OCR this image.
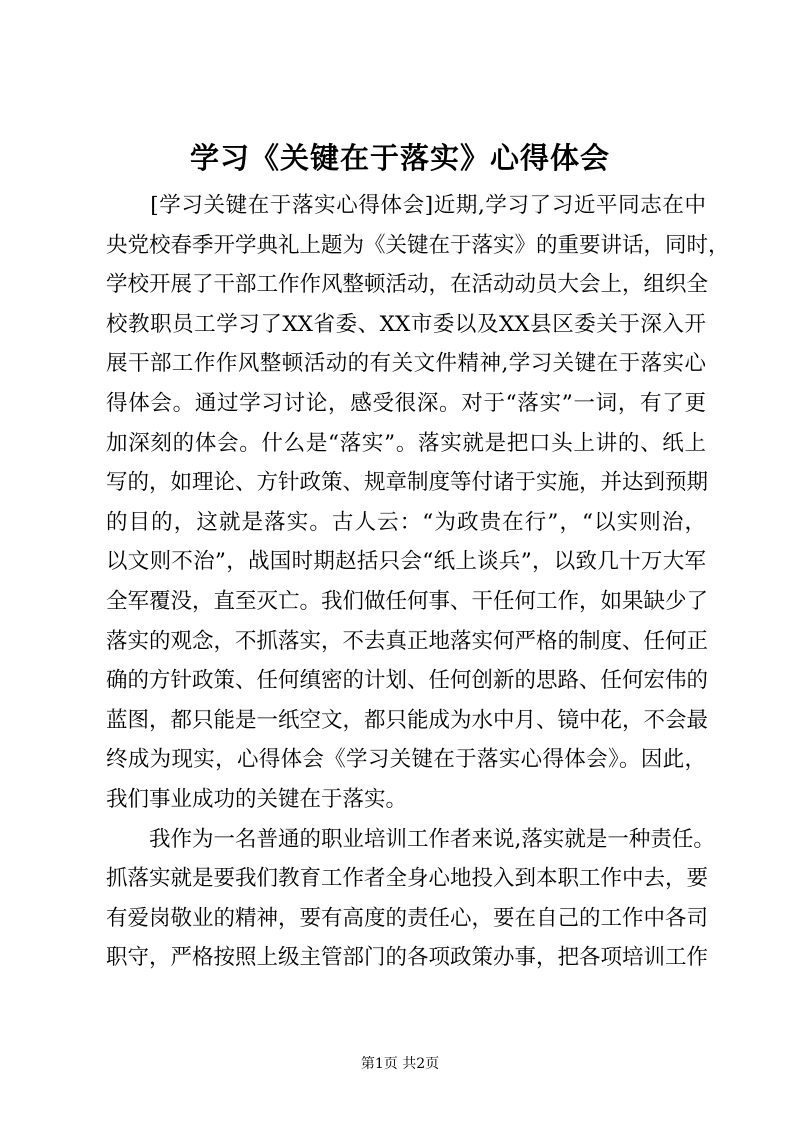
学习《关键在于落实》心得体会
　　[学习关键在于落实心得体会]近期,学习了习近平同志在中
央党校春季开学典礼上题为《关键在于落实》的重要讲话，同时，
学校开展了干部工作作风整顿活动，在活动动员大会上，组织全
校教职员工学习了XX省委、XX市委以及XX县区委关于深入开
展干部工作作风整顿活动的有关文件精神,学习关键在于落实心
得体会。通过学习讨论，感受很深。对于“落实”一词，有了更
加深刻的体会。什么是“落实”。落实就是把口头上讲的、纸上
写的，如理论、方针政策、规章制度等付诸于实施，并达到预期
的目的，这就是落实。古人云：“为政贵在行”，“以实则治，
以文则不治”，战国时期赵括只会“纸上谈兵”，以致几十万大军
全军覆没，直至灭亡。我们做任何事、干任何工作，如果缺少了
落实的观念，不抓落实，不去真正地落实何严格的制度、任何正
确的方针政策、任何缜密的计划、任何创新的思路、任何宏伟的
蓝图，都只能是一纸空文，都只能成为水中月、镜中花，不会最
终成为现实，心得体会《学习关键在于落实心得体会》。因此，
我们事业成功的关键在于落实。
　　我作为一名普通的职业培训工作者来说,落实就是一种责任。
抓落实就是要我们教育工作者全身心地投入到本职工作中去，要
有爱岗敬业的精神，要有高度的责任心，要在自己的工作中各司
职守，严格按照上级主管部门的各项政策办事，把各项培训工作
第1页 共2页
